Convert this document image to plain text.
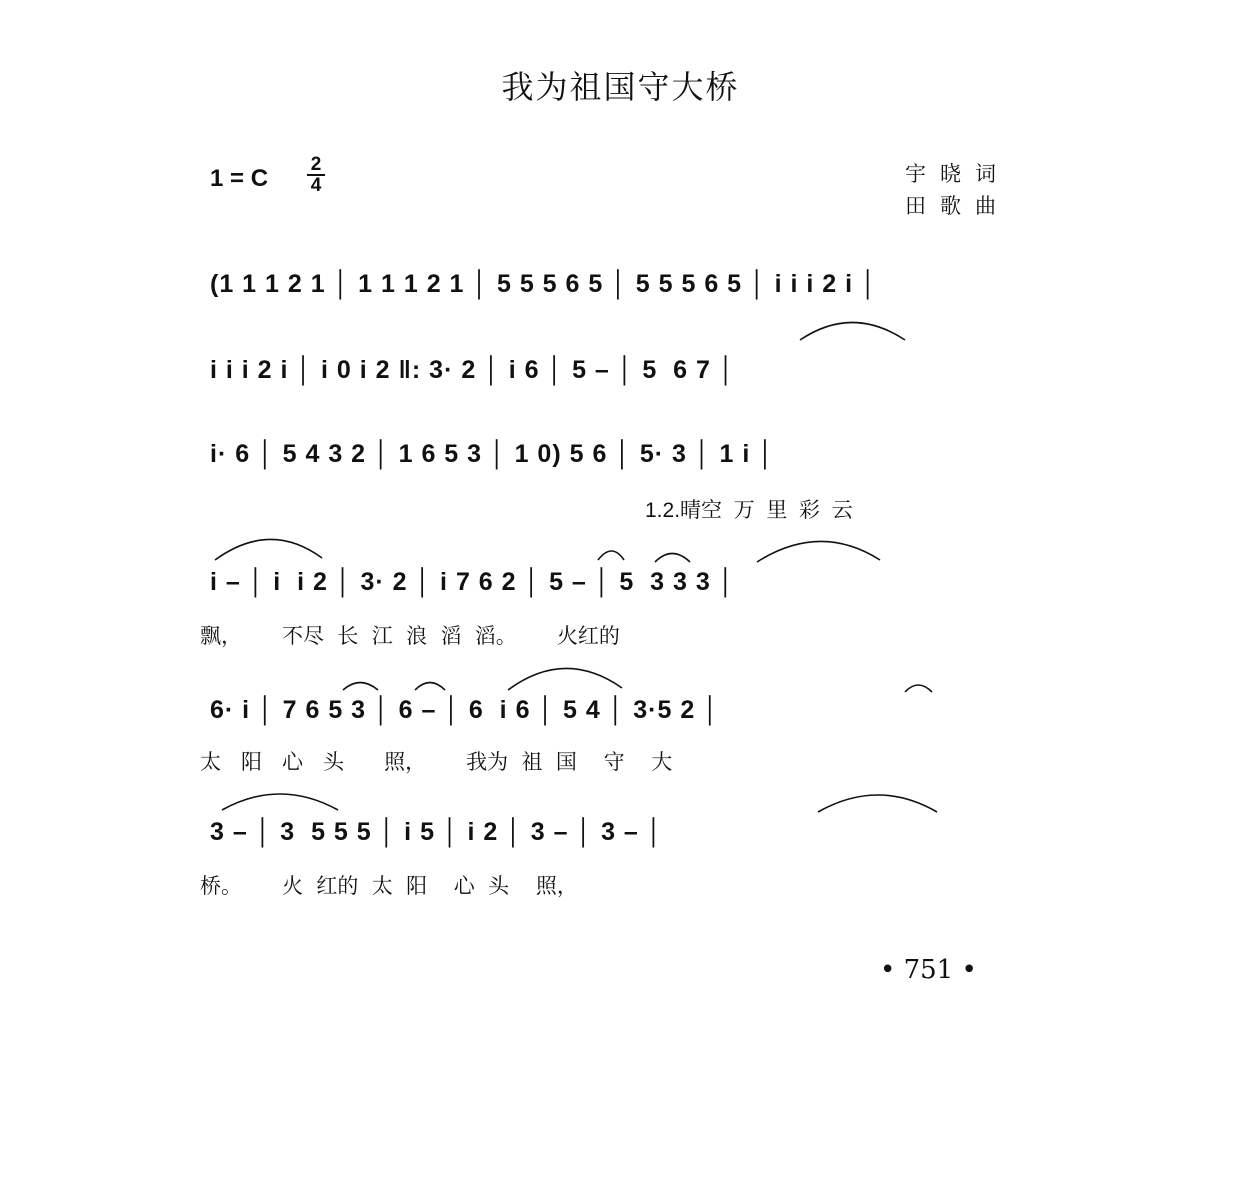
我为祖国守大桥
1 = C
2
4	宇晓词
田歌曲
(1 1 1 2 1 │ 1 1 1 2 1 │ 5 5 5 6 5 │ 5 5 5 6 5 │ i i i 2 i │
i i i 2 i │ i 0 i 2 ‖: 3· 2 │ i 6 │ 5 – │ 5  6 7 │
i· 6 │ 5 4 3 2 │ 1 6 5 3 │ 1 0) 5 6 │ 5· 3 │ 1 i │
1.2.晴空  万  里  彩  云
i – │ i  i 2 │ 3· 2 │ i 7 6 2 │ 5 – │ 5  3 3 3 │
飘，      不尽  长  江  浪  滔  滔。      火红的
6· i │ 7 6 5 3 │ 6 – │ 6  i 6 │ 5 4 │ 3·5 2 │
太   阳   心   头      照，      我为  祖  国    守    大
3 – │ 3  5 5 5 │ i 5 │ i 2 │ 3 – │ 3 – │
桥。      火  红的  太  阳    心  头    照，
• 751 •
